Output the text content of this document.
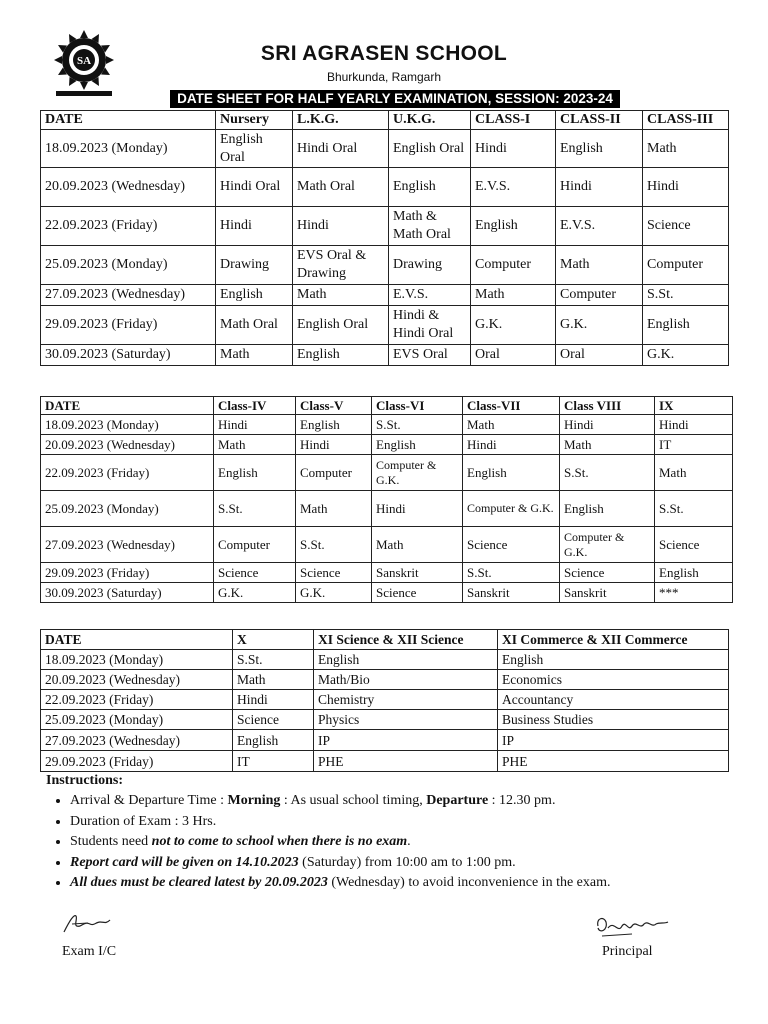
SA	SRI AGRASEN SCHOOL
Bhurkunda, Ramgarh
DATE SHEET FOR HALF YEARLY EXAMINATION, SESSION: 2023-24
DATE	Nursery	L.K.G.	U.K.G.	CLASS-I	CLASS-II	CLASS-III
18.09.2023 (Monday)	English Oral	Hindi Oral	English Oral	Hindi	English	Math
20.09.2023 (Wednesday)	Hindi Oral	Math Oral	English	E.V.S.	Hindi	Hindi
22.09.2023 (Friday)	Hindi	Hindi	Math & Math Oral	English	E.V.S.	Science
25.09.2023 (Monday)	Drawing	EVS Oral & Drawing	Drawing	Computer	Math	Computer
27.09.2023 (Wednesday)	English	Math	E.V.S.	Math	Computer	S.St.
29.09.2023 (Friday)	Math Oral	English Oral	Hindi & Hindi Oral	G.K.	G.K.	English
30.09.2023 (Saturday)	Math	English	EVS Oral	Oral	Oral	G.K.
DATE	Class-IV	Class-V	Class-VI	Class-VII	Class VIII	IX
18.09.2023 (Monday)	Hindi	English	S.St.	Math	Hindi	Hindi
20.09.2023 (Wednesday)	Math	Hindi	English	Hindi	Math	IT
22.09.2023 (Friday)	English	Computer	Computer & G.K.	English	S.St.	Math
25.09.2023 (Monday)	S.St.	Math	Hindi	Computer & G.K.	English	S.St.
27.09.2023 (Wednesday)	Computer	S.St.	Math	Science	Computer & G.K.	Science
29.09.2023 (Friday)	Science	Science	Sanskrit	S.St.	Science	English
30.09.2023 (Saturday)	G.K.	G.K.	Science	Sanskrit	Sanskrit	***
DATE	X	XI Science & XII Science	XI Commerce & XII Commerce
18.09.2023 (Monday)	S.St.	English	English
20.09.2023 (Wednesday)	Math	Math/Bio	Economics
22.09.2023 (Friday)	Hindi	Chemistry	Accountancy
25.09.2023 (Monday)	Science	Physics	Business Studies
27.09.2023 (Wednesday)	English	IP	IP
29.09.2023 (Friday)	IT	PHE	PHE
Instructions:
• Arrival & Departure Time : Morning : As usual school timing, Departure : 12.30 pm.
• Duration of Exam : 3 Hrs.
• Students need not to come to school when there is no exam.
• Report card will be given on 14.10.2023 (Saturday) from 10:00 am to 1:00 pm.
• All dues must be cleared latest by 20.09.2023 (Wednesday) to avoid inconvenience in the exam.
Exam I/C	Principal
